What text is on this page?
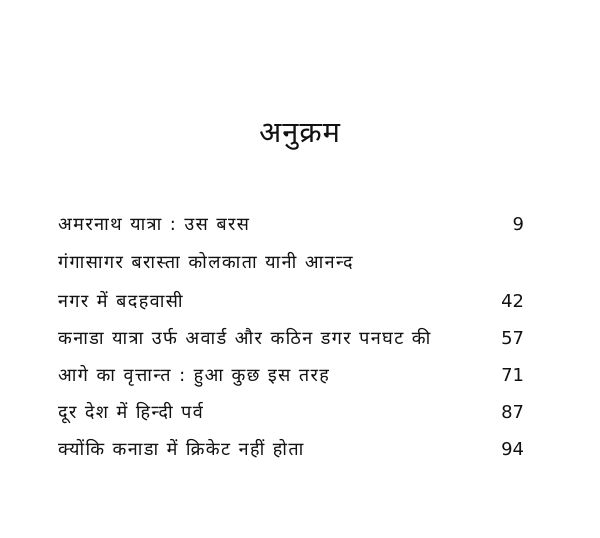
अनुक्रम
अमरनाथ यात्रा : उस बरस	9
गंगासागर बरास्ता कोलकाता यानी आनन्द
नगर में बदहवासी	42
कनाडा यात्रा उर्फ अवार्ड और कठिन डगर पनघट की	57
आगे का वृत्तान्त : हुआ कुछ इस तरह	71
दूर देश में हिन्दी पर्व	87
क्योंकि कनाडा में क्रिकेट नहीं होता	94
